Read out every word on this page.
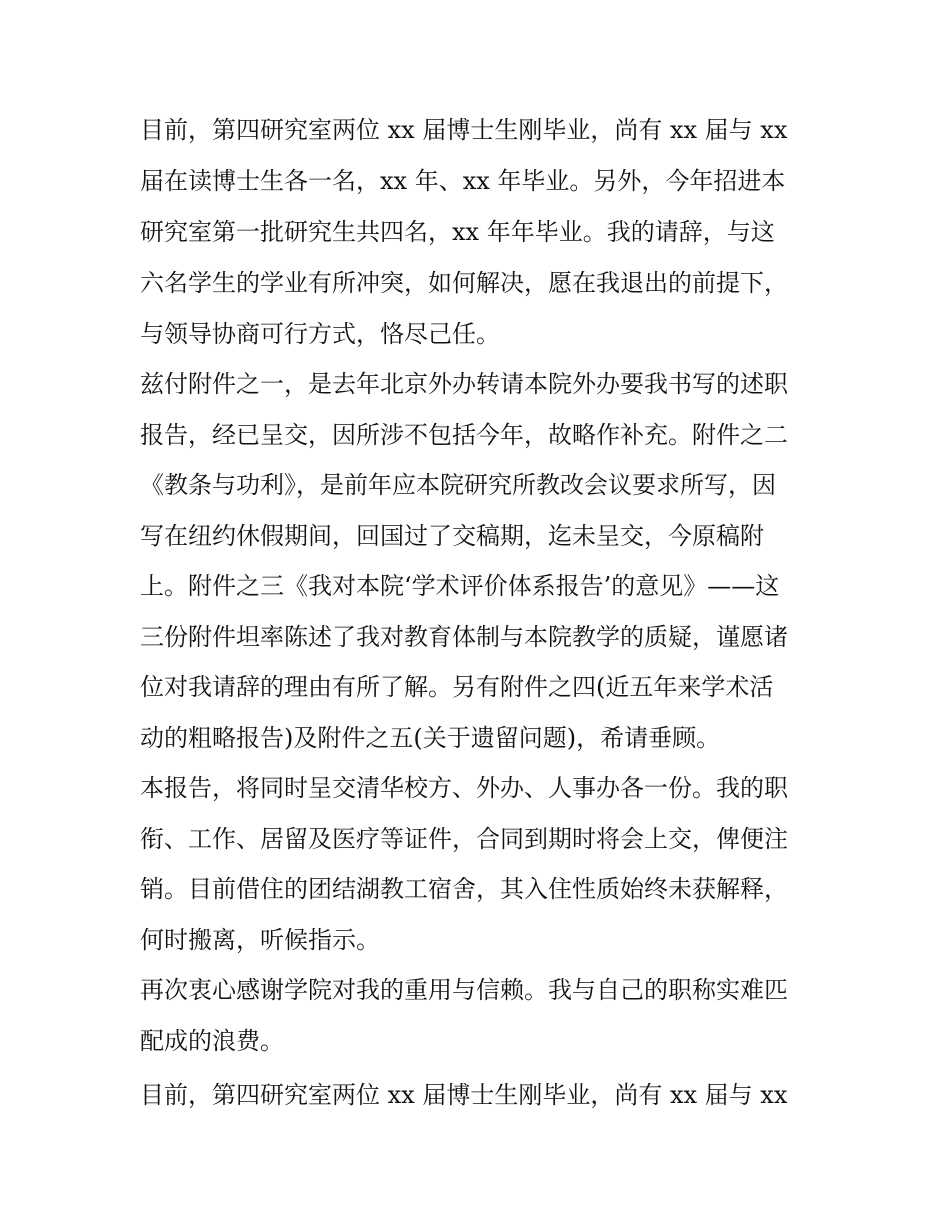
目前，第四研究室两位 xx 届博士生刚毕业，尚有 xx 届与 xx
届在读博士生各一名，xx 年、xx 年毕业。另外，今年招进本
研究室第一批研究生共四名，xx 年年毕业。我的请辞，与这
六名学生的学业有所冲突，如何解决，愿在我退出的前提下，
与领导协商可行方式，恪尽己任。
兹付附件之一，是去年北京外办转请本院外办要我书写的述职
报告，经已呈交，因所涉不包括今年，故略作补充。附件之二
《教条与功利》，是前年应本院研究所教改会议要求所写，因
写在纽约休假期间，回国过了交稿期，迄未呈交，今原稿附
上。附件之三《我对本院‘学术评价体系报告’的意见》——这
三份附件坦率陈述了我对教育体制与本院教学的质疑，谨愿诸
位对我请辞的理由有所了解。另有附件之四(近五年来学术活
动的粗略报告)及附件之五(关于遗留问题)，希请垂顾。
本报告，将同时呈交清华校方、外办、人事办各一份。我的职
衔、工作、居留及医疗等证件，合同到期时将会上交，俾便注
销。目前借住的团结湖教工宿舍，其入住性质始终未获解释，
何时搬离，听候指示。
再次衷心感谢学院对我的重用与信赖。我与自己的职称实难匹
配成的浪费。
目前，第四研究室两位 xx 届博士生刚毕业，尚有 xx 届与 xx
